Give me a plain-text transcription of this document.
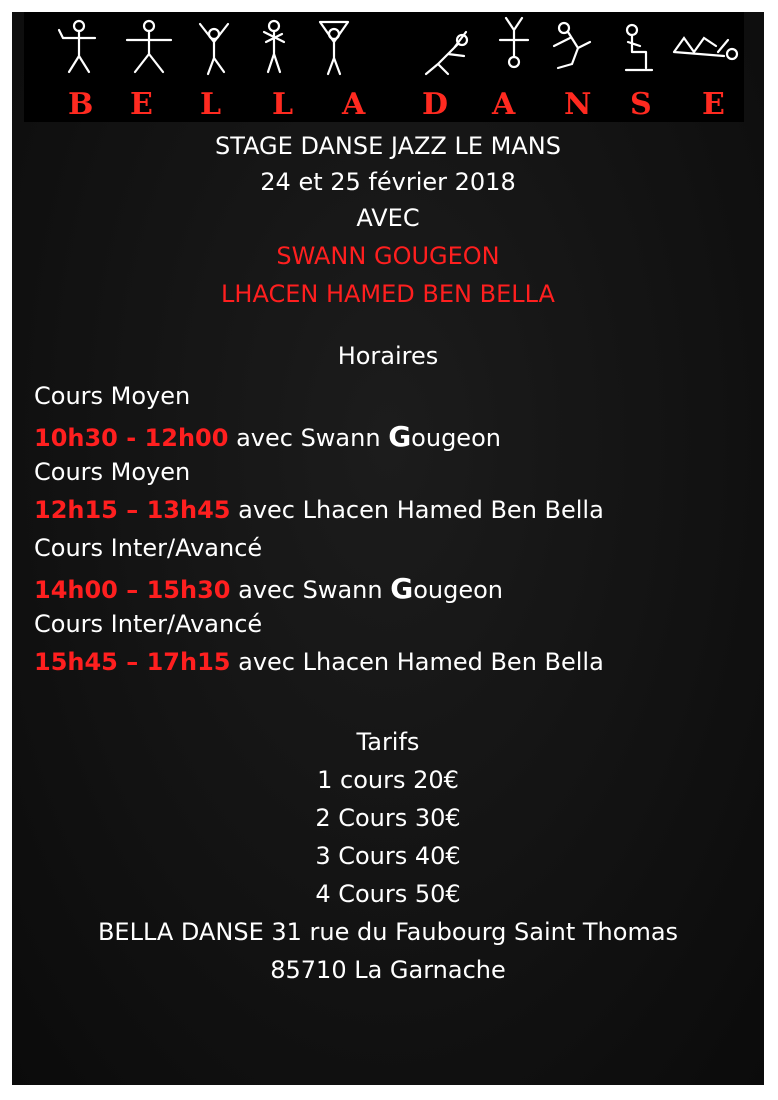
B E L L A D A N S E
STAGE DANSE JAZZ LE MANS
24 et 25 février 2018
AVEC
SWANN GOUGEON
LHACEN HAMED BEN BELLA
Horaires
Cours Moyen
10h30 - 12h00 avec Swann Gougeon
Cours Moyen
12h15 – 13h45 avec Lhacen Hamed Ben Bella
Cours Inter/Avancé
14h00 – 15h30 avec Swann Gougeon
Cours Inter/Avancé
15h45 – 17h15 avec Lhacen Hamed Ben Bella
Tarifs
1 cours 20€
2 Cours 30€
3 Cours 40€
4 Cours 50€
BELLA DANSE 31 rue du Faubourg Saint Thomas
85710 La Garnache
